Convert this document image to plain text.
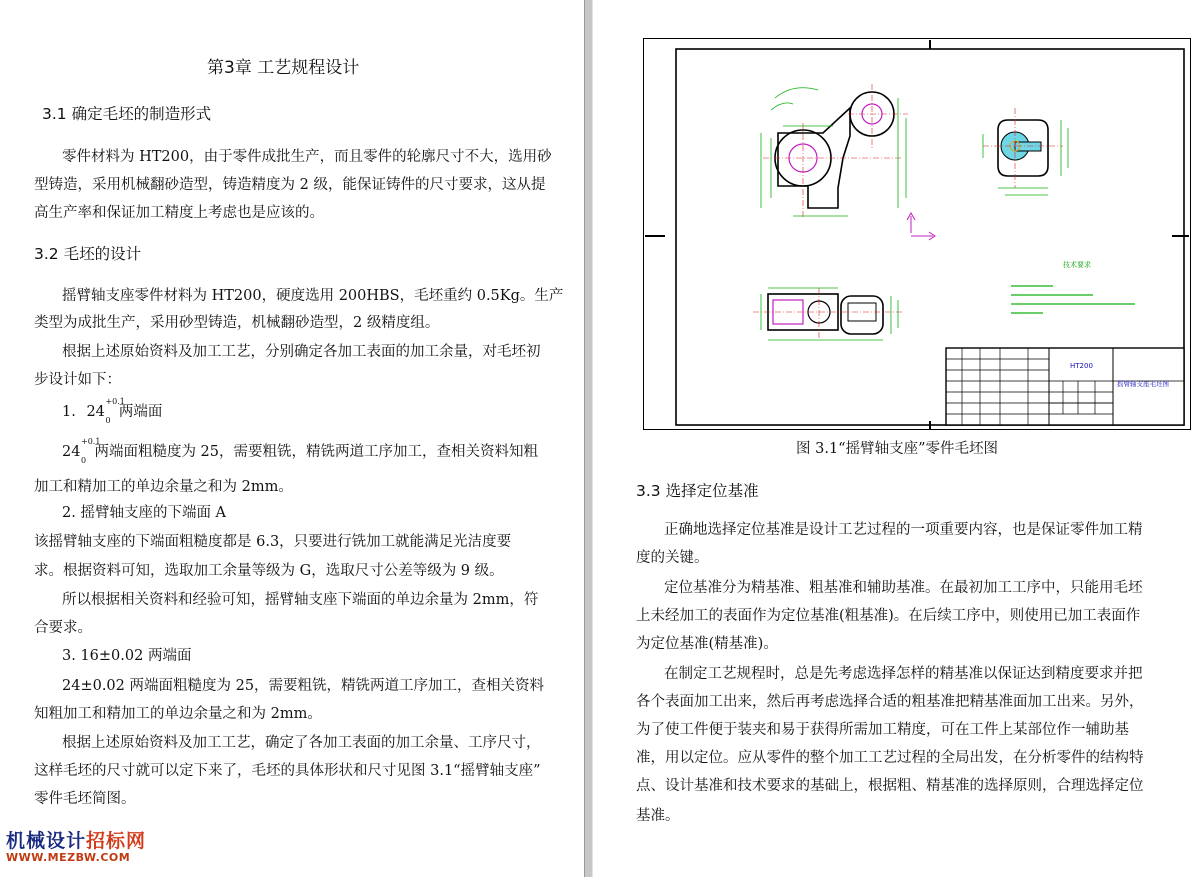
第3章 工艺规程设计
3.1 确定毛坯的制造形式
零件材料为 HT200，由于零件成批生产，而且零件的轮廓尺寸不大，选用砂
型铸造，采用机械翻砂造型，铸造精度为 2 级，能保证铸件的尺寸要求，这从提
高生产率和保证加工精度上考虑也是应该的。
3.2 毛坯的设计
摇臂轴支座零件材料为 HT200，硬度选用 200HBS，毛坯重约 0.5Kg。生产
类型为成批生产，采用砂型铸造，机械翻砂造型，2 级精度组。
根据上述原始资料及加工工艺，分别确定各加工表面的加工余量，对毛坯初
步设计如下：
1. 24
+0.1
0
两端面
24
+0.1
0
两端面粗糙度为 25，需要粗铣，精铣两道工序加工，查相关资料知粗
加工和精加工的单边余量之和为 2mm。
2. 摇臂轴支座的下端面 A
该摇臂轴支座的下端面粗糙度都是 6.3，只要进行铣加工就能满足光洁度要
求。根据资料可知，选取加工余量等级为 G，选取尺寸公差等级为 9 级。
所以根据相关资料和经验可知，摇臂轴支座下端面的单边余量为 2mm，符
合要求。
3. 16±0.02 两端面
24±0.02 两端面粗糙度为 25，需要粗铣，精铣两道工序加工，查相关资料
知粗加工和精加工的单边余量之和为 2mm。
根据上述原始资料及加工工艺，确定了各加工表面的加工余量、工序尺寸，
这样毛坯的尺寸就可以定下来了，毛坯的具体形状和尺寸见图 3.1“摇臂轴支座”
零件毛坯简图。
机械设计招标网
WWW.MEZBW.COM
技术要求
HT200
摇臂轴支座毛坯图
图 3.1“摇臂轴支座”零件毛坯图
3.3 选择定位基准
正确地选择定位基准是设计工艺过程的一项重要内容，也是保证零件加工精
度的关键。
定位基准分为精基准、粗基准和辅助基准。在最初加工工序中，只能用毛坯
上未经加工的表面作为定位基准(粗基准)。在后续工序中，则使用已加工表面作
为定位基准(精基准)。
在制定工艺规程时，总是先考虑选择怎样的精基准以保证达到精度要求并把
各个表面加工出来，然后再考虑选择合适的粗基准把精基准面加工出来。另外，
为了使工件便于装夹和易于获得所需加工精度，可在工件上某部位作一辅助基
准，用以定位。应从零件的整个加工工艺过程的全局出发，在分析零件的结构特
点、设计基准和技术要求的基础上，根据粗、精基准的选择原则，合理选择定位
基准。
